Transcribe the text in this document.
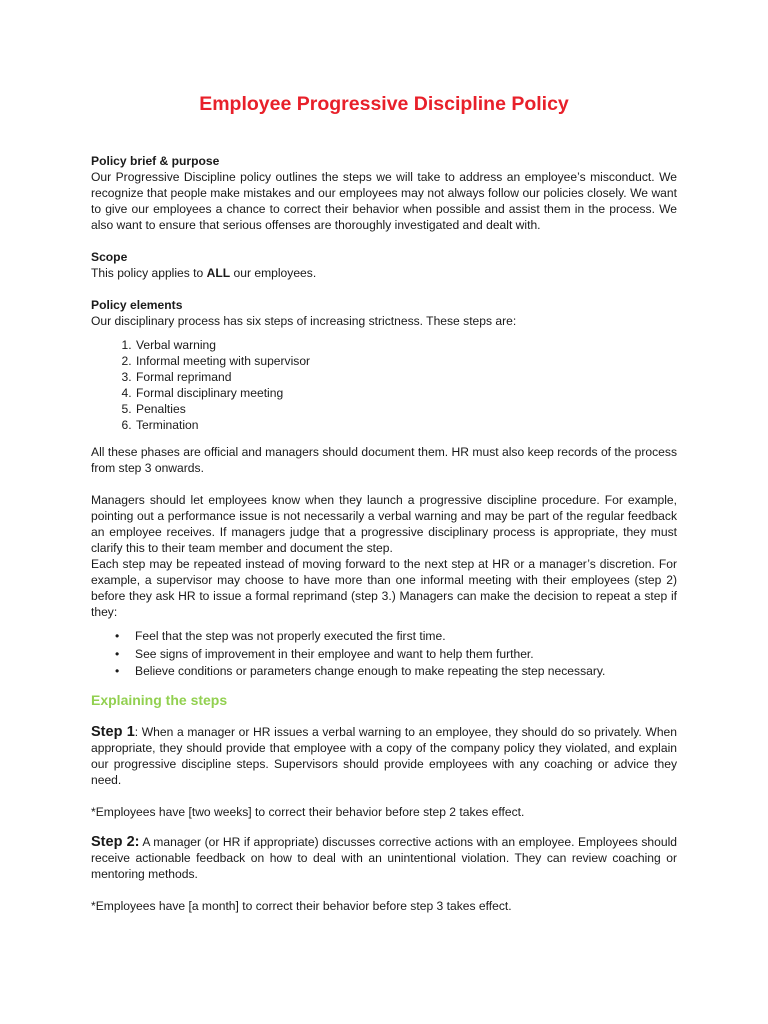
Employee Progressive Discipline Policy

Policy brief & purpose

Our Progressive Discipline policy outlines the steps we will take to address an employee’s misconduct. We recognize that people make mistakes and our employees may not always follow our policies closely. We want to give our employees a chance to correct their behavior when possible and assist them in the process. We also want to ensure that serious offenses are thoroughly investigated and dealt with.

Scope

This policy applies to ALL our employees.

Policy elements

Our disciplinary process has six steps of increasing strictness. These steps are:

1. Verbal warning
2. Informal meeting with supervisor
3. Formal reprimand
4. Formal disciplinary meeting
5. Penalties
6. Termination

All these phases are official and managers should document them. HR must also keep records of the process from step 3 onwards.

Managers should let employees know when they launch a progressive discipline procedure. For example, pointing out a performance issue is not necessarily a verbal warning and may be part of the regular feedback an employee receives. If managers judge that a progressive disciplinary process is appropriate, they must clarify this to their team member and document the step.

Each step may be repeated instead of moving forward to the next step at HR or a manager’s discretion. For example, a supervisor may choose to have more than one informal meeting with their employees (step 2) before they ask HR to issue a formal reprimand (step 3.) Managers can make the decision to repeat a step if they:

• Feel that the step was not properly executed the first time.
• See signs of improvement in their employee and want to help them further.
• Believe conditions or parameters change enough to make repeating the step necessary.
Explaining the steps

Step 1: When a manager or HR issues a verbal warning to an employee, they should do so privately. When appropriate, they should provide that employee with a copy of the company policy they violated, and explain our progressive discipline steps. Supervisors should provide employees with any coaching or advice they need.

*Employees have [two weeks] to correct their behavior before step 2 takes effect.

Step 2: A manager (or HR if appropriate) discusses corrective actions with an employee. Employees should receive actionable feedback on how to deal with an unintentional violation. They can review coaching or mentoring methods.

*Employees have [a month] to correct their behavior before step 3 takes effect.
